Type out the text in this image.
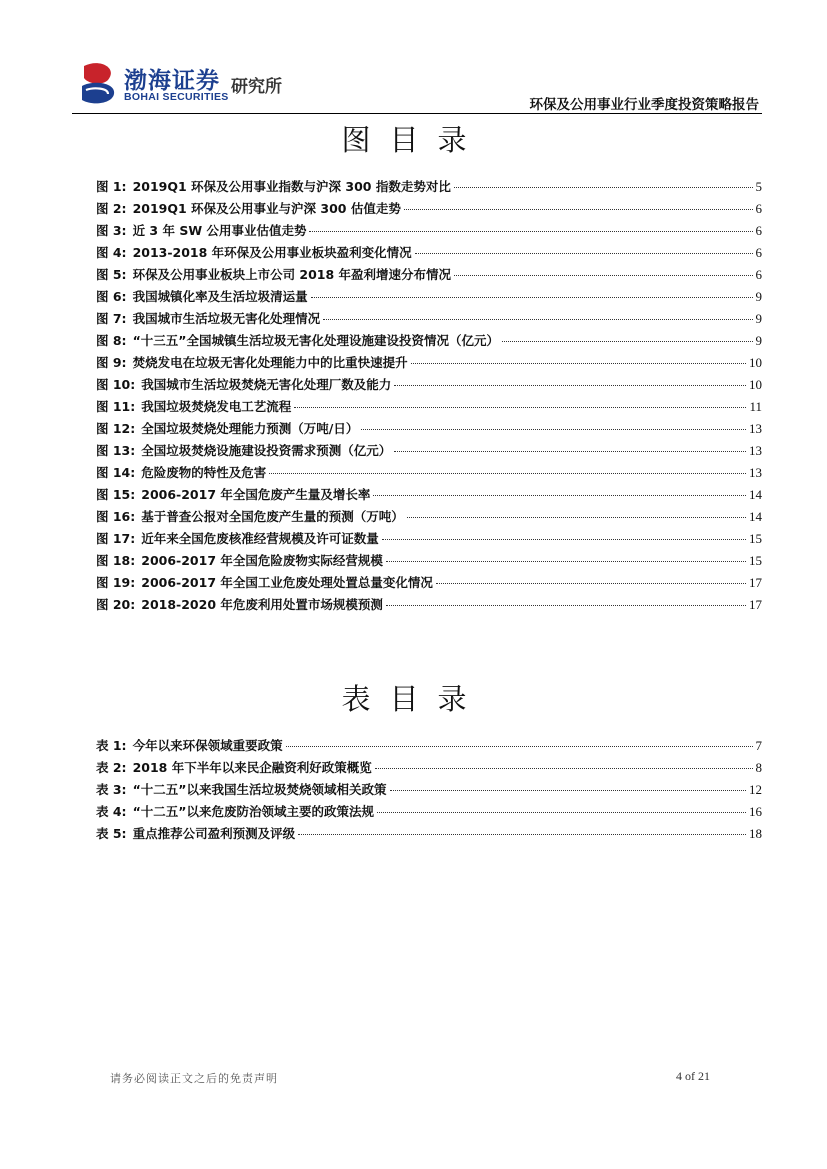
渤海证券
BOHAI SECURITIES 研究所
环保及公用事业行业季度投资策略报告
图目录
图 1: 2019Q1 环保及公用事业指数与沪深 300 指数走势对比	5
图 2: 2019Q1 环保及公用事业与沪深 300 估值走势	6
图 3: 近 3 年 SW 公用事业估值走势	6
图 4: 2013-2018 年环保及公用事业板块盈利变化情况	6
图 5: 环保及公用事业板块上市公司 2018 年盈利增速分布情况	6
图 6: 我国城镇化率及生活垃圾清运量	9
图 7: 我国城市生活垃圾无害化处理情况	9
图 8: “十三五”全国城镇生活垃圾无害化处理设施建设投资情况（亿元）	9
图 9: 焚烧发电在垃圾无害化处理能力中的比重快速提升	10
图 10: 我国城市生活垃圾焚烧无害化处理厂数及能力	10
图 11: 我国垃圾焚烧发电工艺流程	11
图 12: 全国垃圾焚烧处理能力预测（万吨/日）	13
图 13: 全国垃圾焚烧设施建设投资需求预测（亿元）	13
图 14: 危险废物的特性及危害	13
图 15: 2006-2017 年全国危废产生量及增长率	14
图 16: 基于普查公报对全国危废产生量的预测（万吨）	14
图 17: 近年来全国危废核准经营规模及许可证数量	15
图 18: 2006-2017 年全国危险废物实际经营规模	15
图 19: 2006-2017 年全国工业危废处理处置总量变化情况	17
图 20: 2018-2020 年危废利用处置市场规模预测	17
表目录
表 1: 今年以来环保领域重要政策	7
表 2: 2018 年下半年以来民企融资利好政策概览	8
表 3: “十二五”以来我国生活垃圾焚烧领域相关政策	12
表 4: “十二五”以来危废防治领域主要的政策法规	16
表 5: 重点推荐公司盈利预测及评级	18
请务必阅读正文之后的免责声明	4 of 21
